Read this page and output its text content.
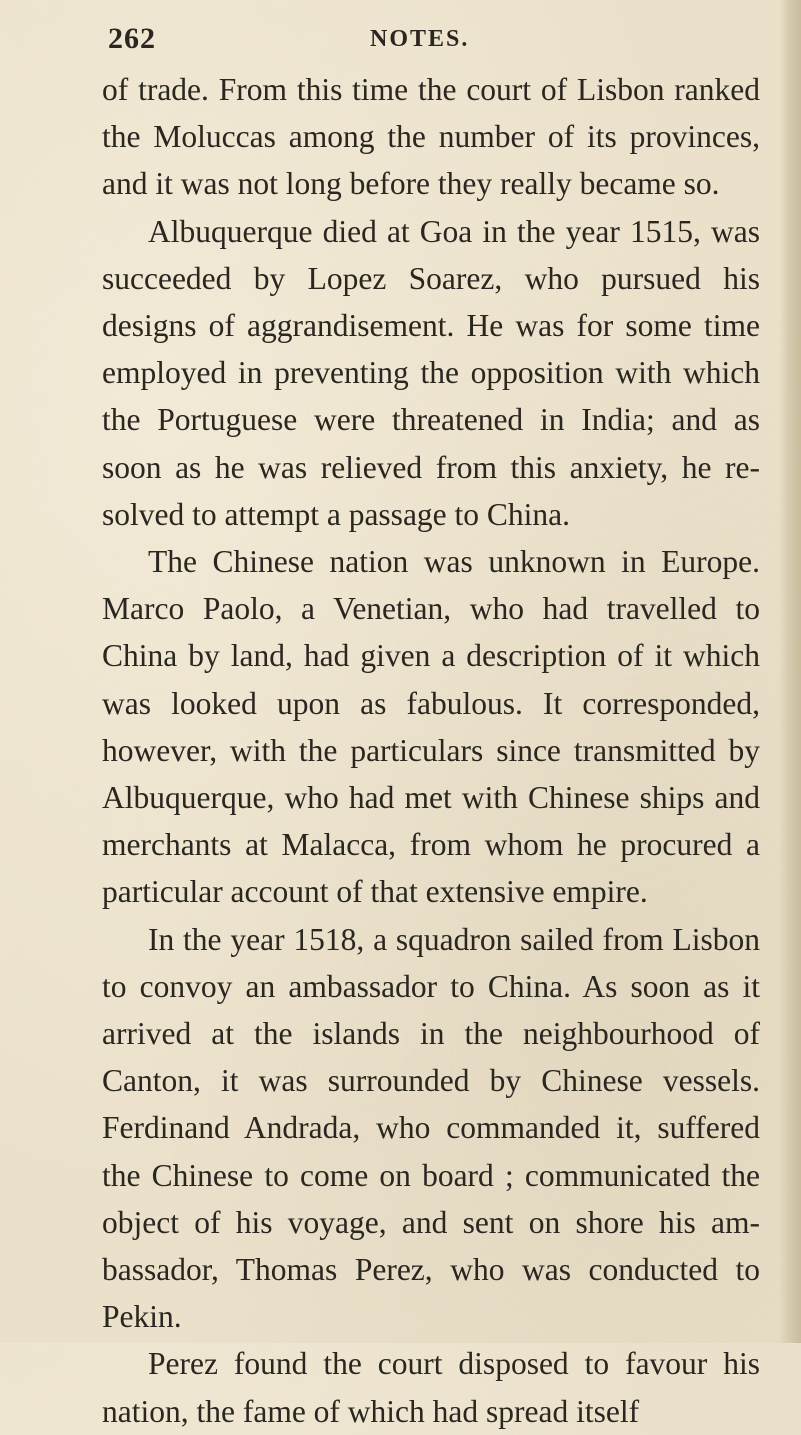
262	NOTES.

of trade. From this time the court of Lisbon ranked the Moluccas among the number of its provinces, and it was not long before they really became so.

Albuquerque died at Goa in the year 1515, was succeeded by Lopez Soarez, who pursued his designs of aggrandisement. He was for some time employed in preventing the opposition with which the Portuguese were threatened in India; and as soon as he was relieved from this anxiety, he resolved to attempt a passage to China.

The Chinese nation was unknown in Europe. Marco Paolo, a Venetian, who had travelled to China by land, had given a description of it which was looked upon as fabulous. It corresponded, however, with the particulars since transmitted by Albuquerque, who had met with Chinese ships and merchants at Malacca, from whom he procured a particular account of that extensive empire.

In the year 1518, a squadron sailed from Lisbon to convoy an ambassador to China. As soon as it arrived at the islands in the neighbourhood of Canton, it was surrounded by Chinese vessels. Ferdinand Andrada, who commanded it, suffered the Chinese to come on board ; communicated the object of his voyage, and sent on shore his ambassador, Thomas Perez, who was conducted to Pekin.

Perez found the court disposed to favour his nation, the fame of which had spread itself
